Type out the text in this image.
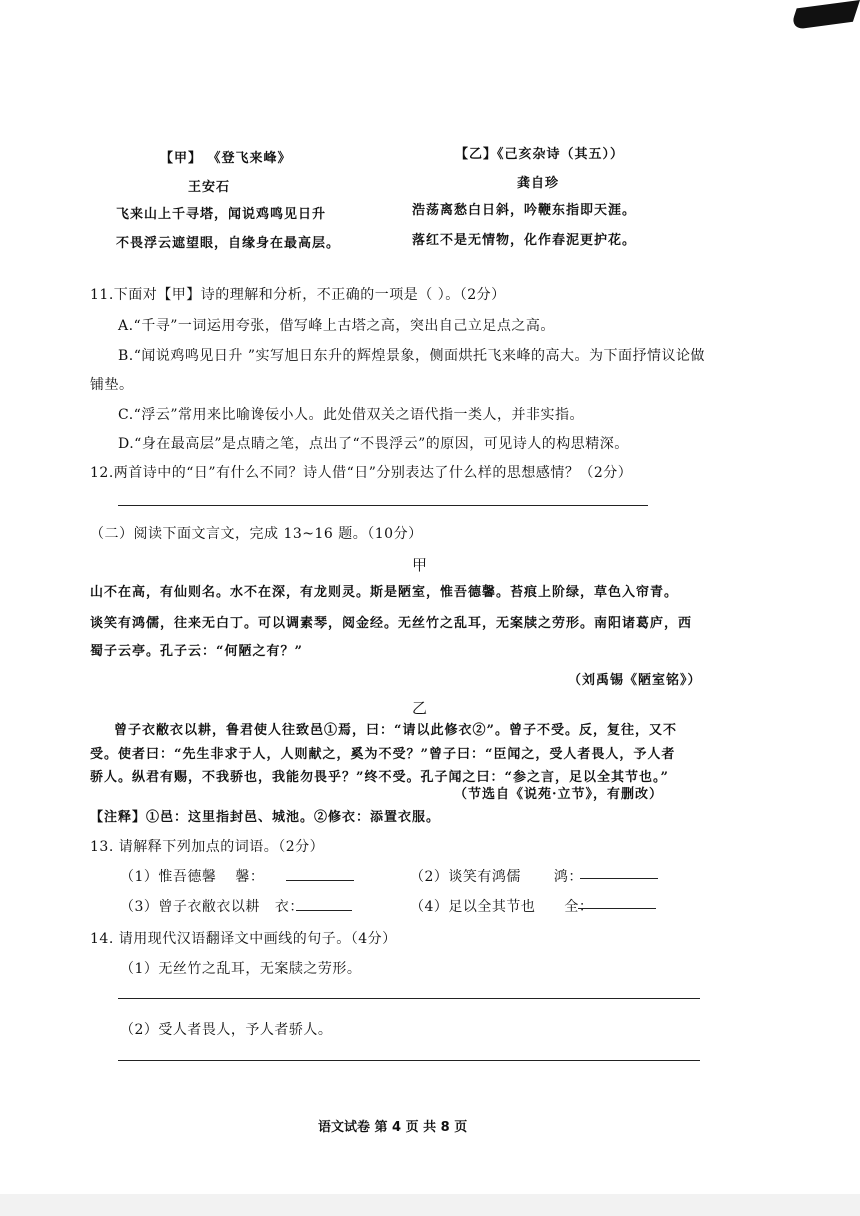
【甲】 《登飞来峰》
王安石
飞来山上千寻塔，闻说鸡鸣见日升
不畏浮云遮望眼，自缘身在最高层。
【乙】《己亥杂诗（其五））
龚自珍
浩荡离愁白日斜，吟鞭东指即天涯。
落红不是无情物，化作春泥更护花。
11.下面对【甲】诗的理解和分析，不正确的一项是（ ）。（2分）
A.“千寻”一词运用夸张，借写峰上古塔之高，突出自己立足点之高。
B.“闻说鸡鸣见日升 ”实写旭日东升的辉煌景象，侧面烘托飞来峰的高大。为下面抒情议论做
铺垫。
C.“浮云”常用来比喻谗佞小人。此处借双关之语代指一类人，并非实指。
D.“身在最高层”是点睛之笔，点出了“不畏浮云”的原因，可见诗人的构思精深。
12.两首诗中的“日”有什么不同？诗人借“日”分别表达了什么样的思想感情？（2分）
（二）阅读下面文言文，完成 13~16 题。（10分）
甲
山不在高，有仙则名。水不在深，有龙则灵。斯是陋室，惟吾德馨。苔痕上阶绿，草色入帘青。
谈笑有鸿儒，往来无白丁。可以调素琴，阅金经。无丝竹之乱耳，无案牍之劳形。南阳诸葛庐，西
蜀子云亭。孔子云：“何陋之有？”
（刘禹锡《陋室铭》）
乙
曾子衣敝衣以耕，鲁君使人往致邑①焉，曰：“请以此修衣②”。曾子不受。反，复往，又不
受。使者曰：“先生非求于人，人则献之，奚为不受？”曾子曰：“臣闻之，受人者畏人，予人者
骄人。纵君有赐，不我骄也，我能勿畏乎？”终不受。孔子闻之曰：“参之言，足以全其节也。”
（节选自《说苑·立节》，有删改）
【注释】①邑：这里指封邑、城池。②修衣：添置衣服。
13. 请解释下列加点的词语。（2分）
（1）惟吾德馨 馨：	（2）谈笑有鸿儒 鸿：
（3）曾子衣敝衣以耕 衣：	（4）足以全其节也 全：
14. 请用现代汉语翻译文中画线的句子。（4分）
（1）无丝竹之乱耳，无案牍之劳形。
（2）受人者畏人，予人者骄人。
语文试卷 第 4 页 共 8 页
